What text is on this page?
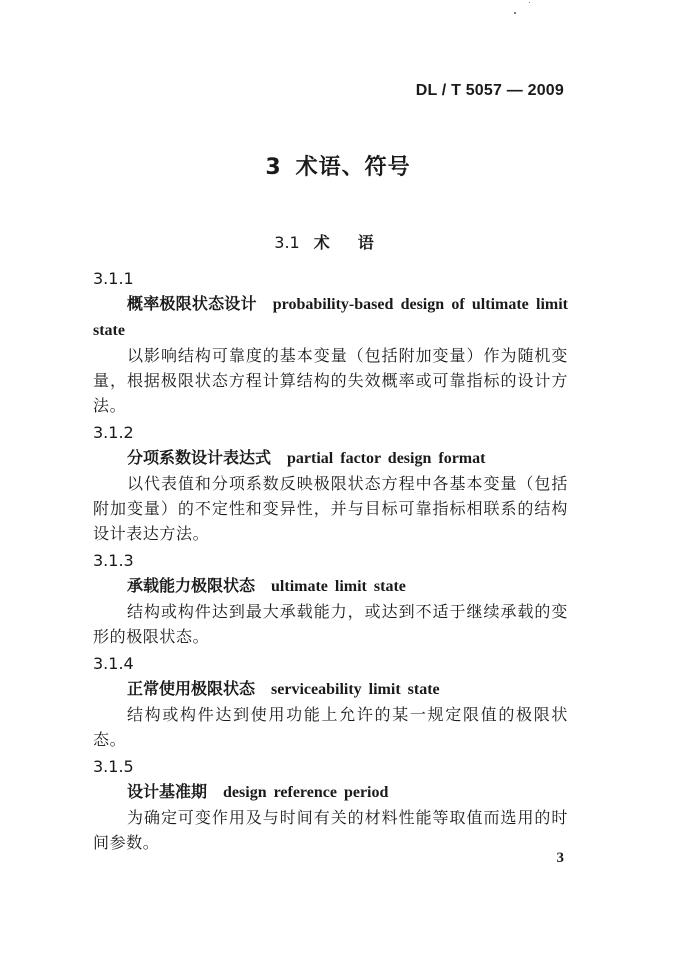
DL / T 5057 — 2009
3 术语、符号
3.1 术语
3.1.1
概率极限状态设计 probability-based design of ultimate limit state
以影响结构可靠度的基本变量（包括附加变量）作为随机变量，根据极限状态方程计算结构的失效概率或可靠指标的设计方法。
3.1.2
分项系数设计表达式 partial factor design format
以代表值和分项系数反映极限状态方程中各基本变量（包括附加变量）的不定性和变异性，并与目标可靠指标相联系的结构设计表达方法。
3.1.3
承载能力极限状态 ultimate limit state
结构或构件达到最大承载能力，或达到不适于继续承载的变形的极限状态。
3.1.4
正常使用极限状态 serviceability limit state
结构或构件达到使用功能上允许的某一规定限值的极限状态。
3.1.5
设计基准期 design reference period
为确定可变作用及与时间有关的材料性能等取值而选用的时间参数。
3
